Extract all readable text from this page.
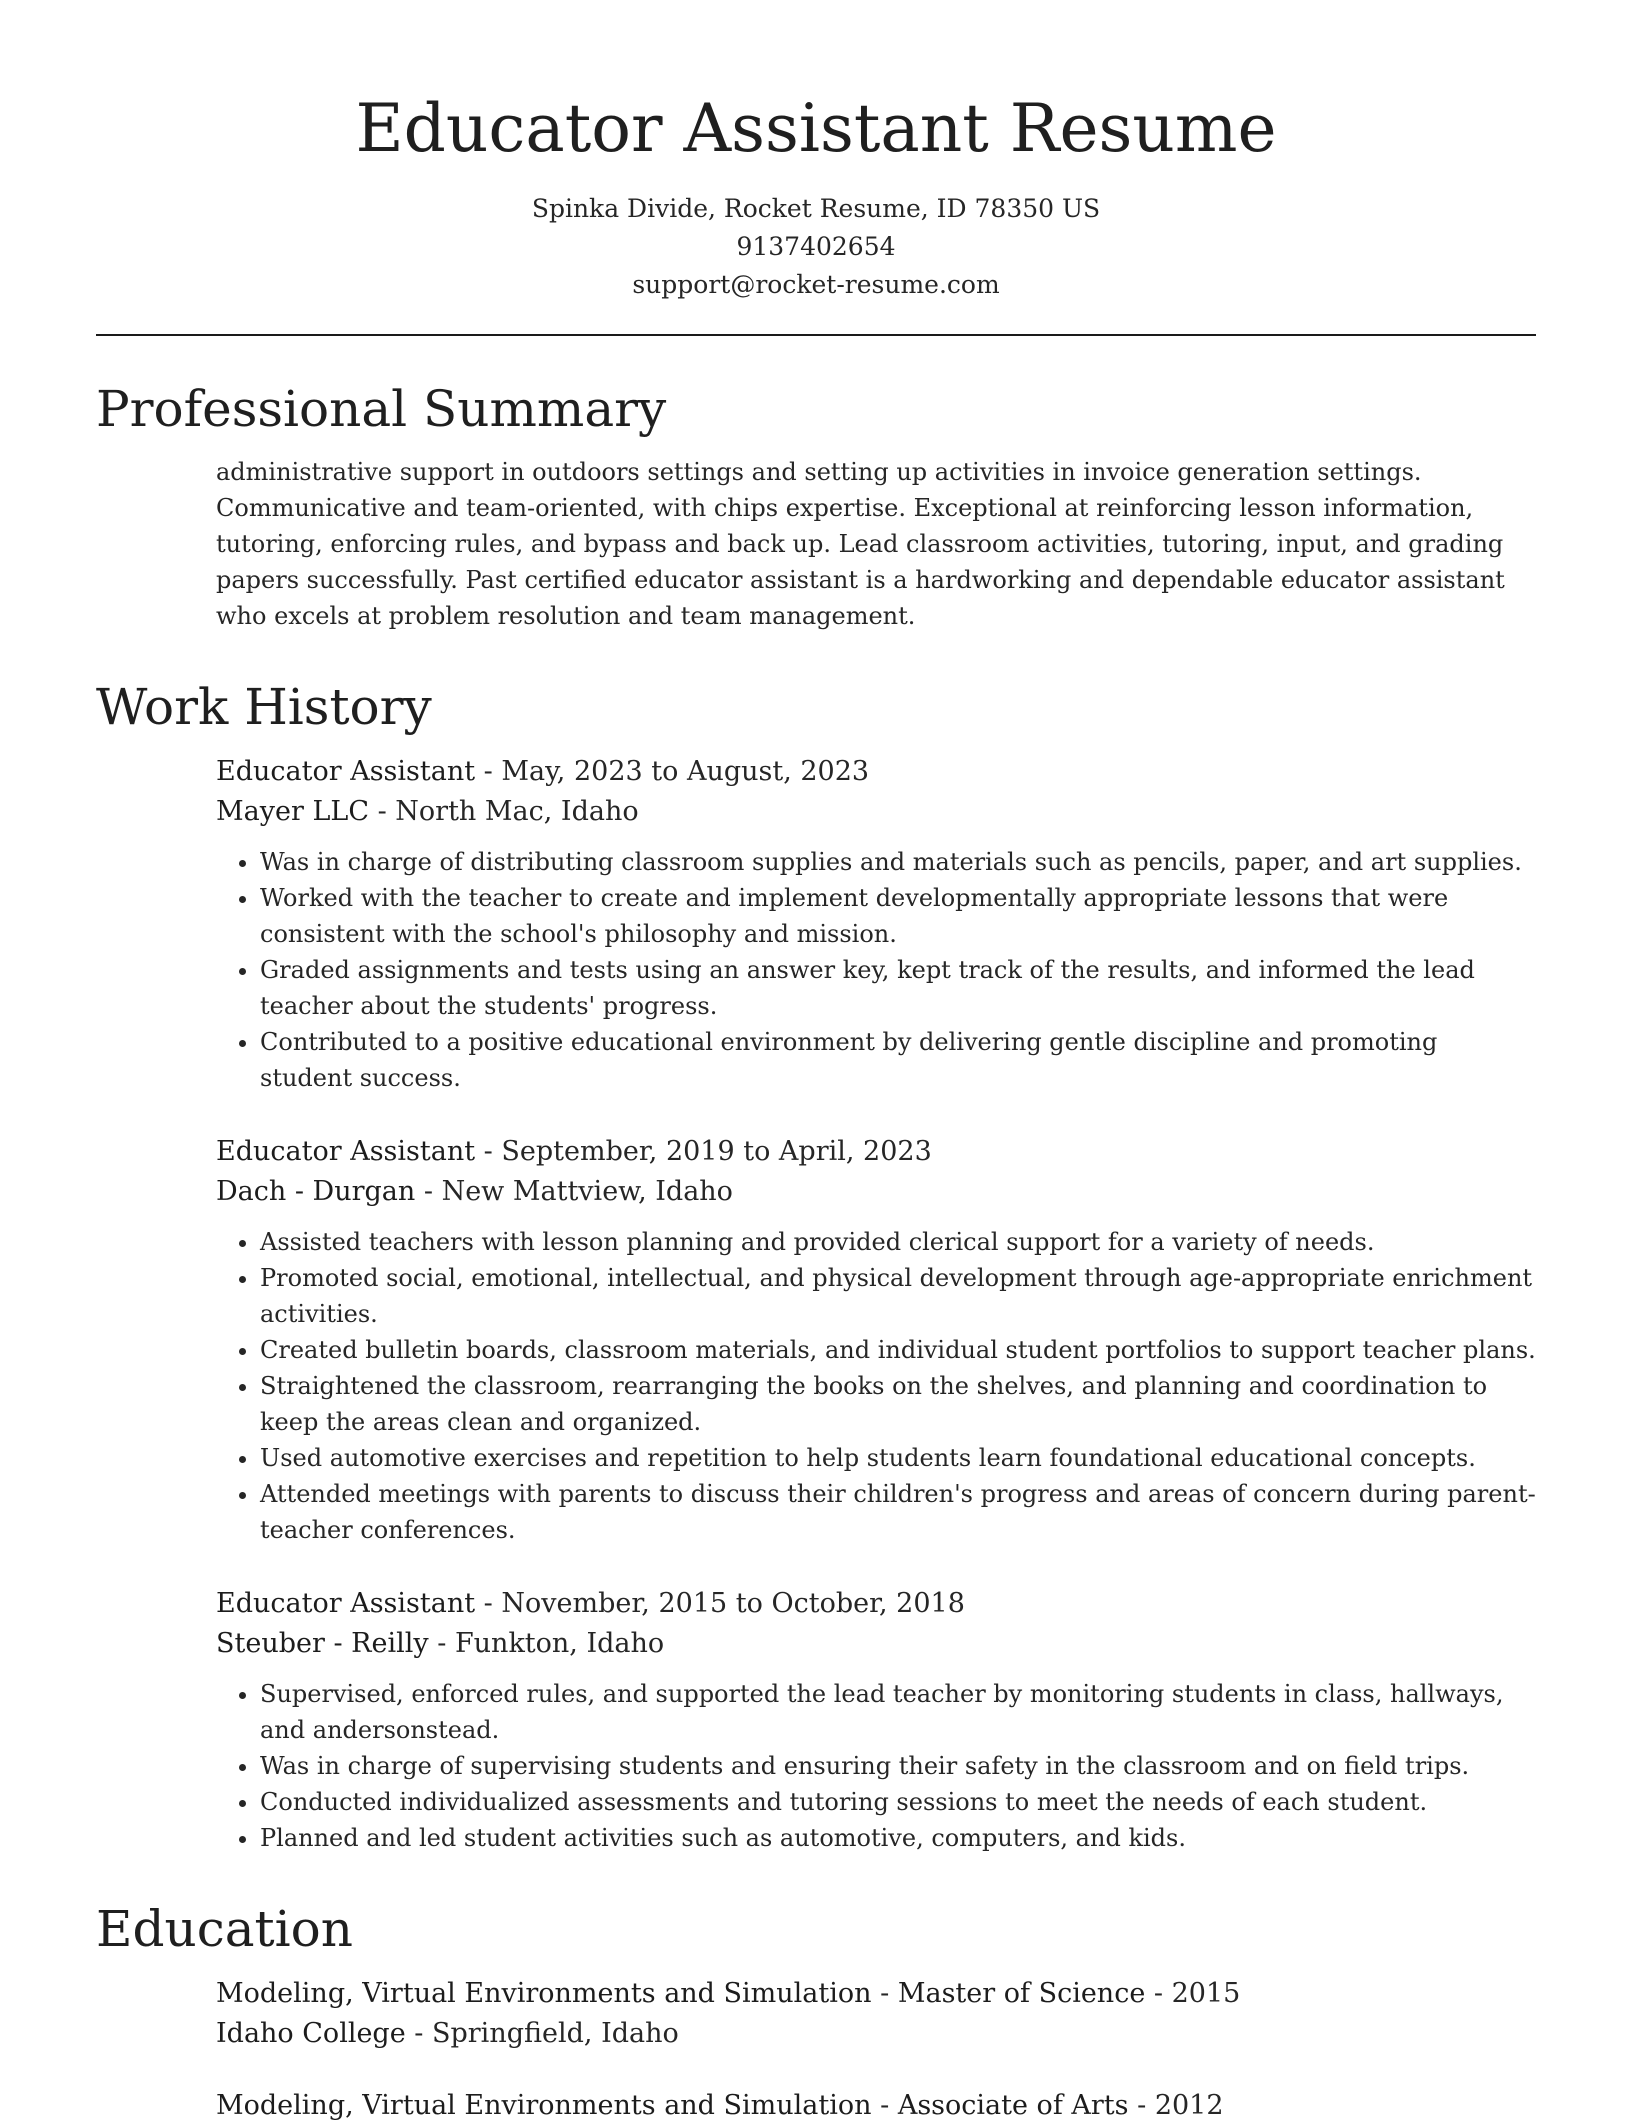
Educator Assistant Resume
Spinka Divide, Rocket Resume, ID 78350 US
9137402654
support@rocket-resume.com
Professional Summary

administrative support in outdoors settings and setting up activities in invoice generation settings. Communicative and team-oriented, with chips expertise. Exceptional at reinforcing lesson information, tutoring, enforcing rules, and bypass and back up. Lead classroom activities, tutoring, input, and grading papers successfully. Past certified educator assistant is a hardworking and dependable educator assistant who excels at problem resolution and team management.

Work History
Educator Assistant - May, 2023 to August, 2023
Mayer LLC - North Mac, Idaho
• Was in charge of distributing classroom supplies and materials such as pencils, paper, and art supplies.
• Worked with the teacher to create and implement developmentally appropriate lessons that were consistent with the school's philosophy and mission.
• Graded assignments and tests using an answer key, kept track of the results, and informed the lead teacher about the students' progress.
• Contributed to a positive educational environment by delivering gentle discipline and promoting student success.
Educator Assistant - September, 2019 to April, 2023
Dach - Durgan - New Mattview, Idaho
• Assisted teachers with lesson planning and provided clerical support for a variety of needs.
• Promoted social, emotional, intellectual, and physical development through age-appropriate enrichment activities.
• Created bulletin boards, classroom materials, and individual student portfolios to support teacher plans.
• Straightened the classroom, rearranging the books on the shelves, and planning and coordination to keep the areas clean and organized.
• Used automotive exercises and repetition to help students learn foundational educational concepts.
• Attended meetings with parents to discuss their children's progress and areas of concern during parent-teacher conferences.
Educator Assistant - November, 2015 to October, 2018
Steuber - Reilly - Funkton, Idaho
• Supervised, enforced rules, and supported the lead teacher by monitoring students in class, hallways, and andersonstead.
• Was in charge of supervising students and ensuring their safety in the classroom and on field trips.
• Conducted individualized assessments and tutoring sessions to meet the needs of each student.
• Planned and led student activities such as automotive, computers, and kids.
Education
Modeling, Virtual Environments and Simulation - Master of Science - 2015
Idaho College - Springfield, Idaho
Modeling, Virtual Environments and Simulation - Associate of Arts - 2012
